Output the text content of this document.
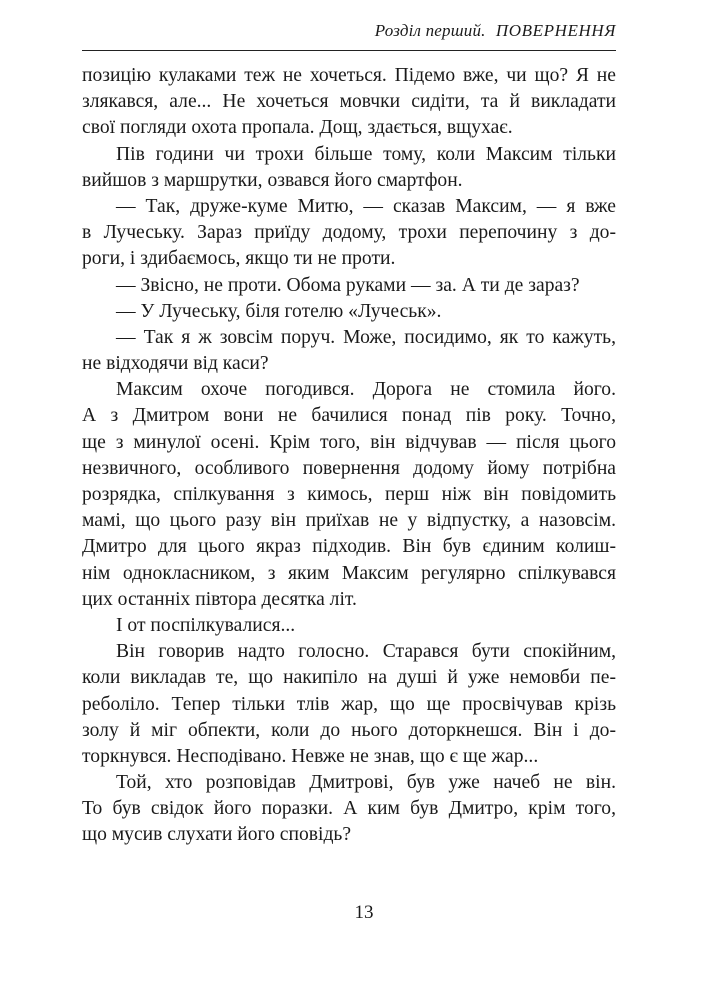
Розділ перший. ПОВЕРНЕННЯ
позицію кулаками теж не хочеться. Підемо вже, чи що? Я не
злякався, але... Не хочеться мовчки сидіти, та й викладати
свої погляди охота пропала. Дощ, здається, вщухає.
Пів години чи трохи більше тому, коли Максим тільки
вийшов з маршрутки, озвався його смартфон.
— Так, друже-куме Митю, — сказав Максим, — я вже
в Лучеську. Зараз приїду додому, трохи перепочину з до-
роги, і здибаємось, якщо ти не проти.
— Звісно, не проти. Обома руками — за. А ти де зараз?
— У Лучеську, біля готелю «Лучеськ».
— Так я ж зовсім поруч. Може, посидимо, як то кажуть,
не відходячи від каси?
Максим охоче погодився. Дорога не стомила його.
А з Дмитром вони не бачилися понад пів року. Точно,
ще з минулої осені. Крім того, він відчував — після цього
незвичного, особливого повернення додому йому потрібна
розрядка, спілкування з кимось, перш ніж він повідомить
мамі, що цього разу він приїхав не у відпустку, а назовсім.
Дмитро для цього якраз підходив. Він був єдиним колиш-
нім однокласником, з яким Максим регулярно спілкувався
цих останніх півтора десятка літ.
І от поспілкувалися...
Він говорив надто голосно. Старався бути спокійним,
коли викладав те, що накипіло на душі й уже немовби пе-
реболіло. Тепер тільки тлів жар, що ще просвічував крізь
золу й міг обпекти, коли до нього доторкнешся. Він і до-
торкнувся. Несподівано. Невже не знав, що є ще жар...
Той, хто розповідав Дмитрові, був уже начеб не він.
То був свідок його поразки. А ким був Дмитро, крім того,
що мусив слухати його сповідь?
13
